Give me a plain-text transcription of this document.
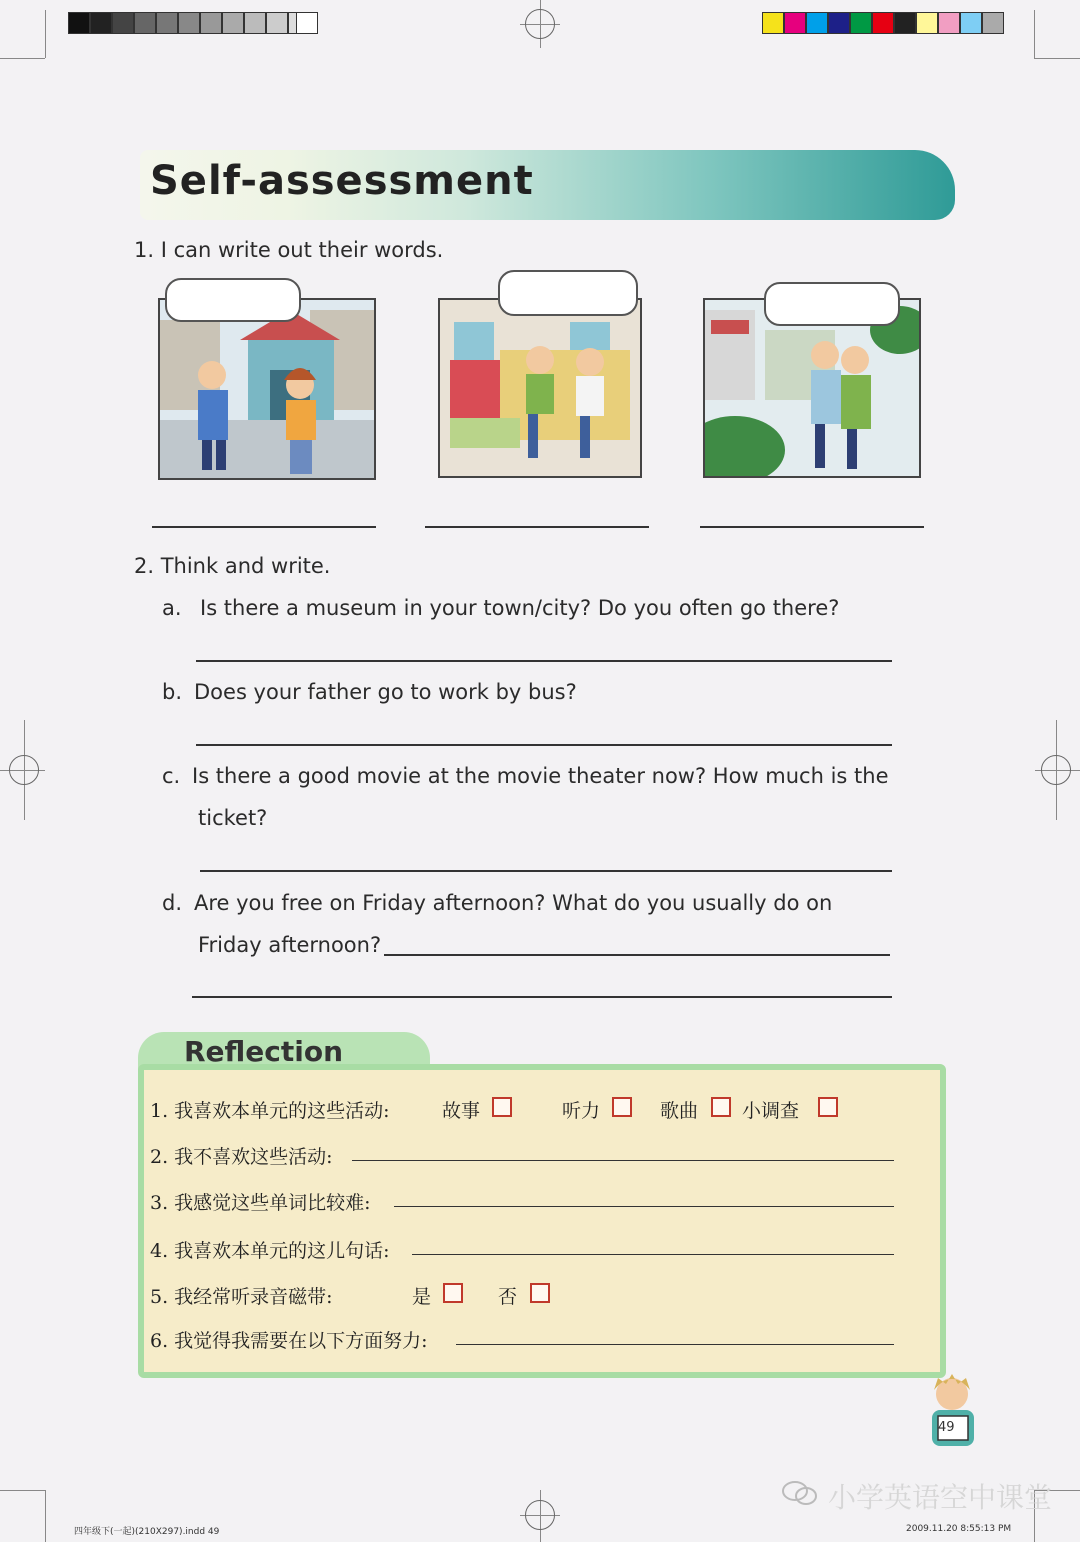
Self-assessment
1. I can write out their words.
2. Think and write.
a. Is there a museum in your town/city? Do you often go there?
b. Does your father go to work by bus?
c. Is there a good movie at the movie theater now? How much is the
ticket?
d. Are you free on Friday afternoon? What do you usually do on
Friday afternoon?
Reflection
1. 我喜欢本单元的这些活动:	故事	听力	歌曲 小调查
2. 我不喜欢这些活动:
3. 我感觉这些单词比较难:
4. 我喜欢本单元的这儿句话:
5. 我经常听录音磁带:	是	否
6. 我觉得我需要在以下方面努力:
49
小学英语空中课堂
四年级下(一起)(210X297).indd 49	2009.11.20 8:55:13 PM
